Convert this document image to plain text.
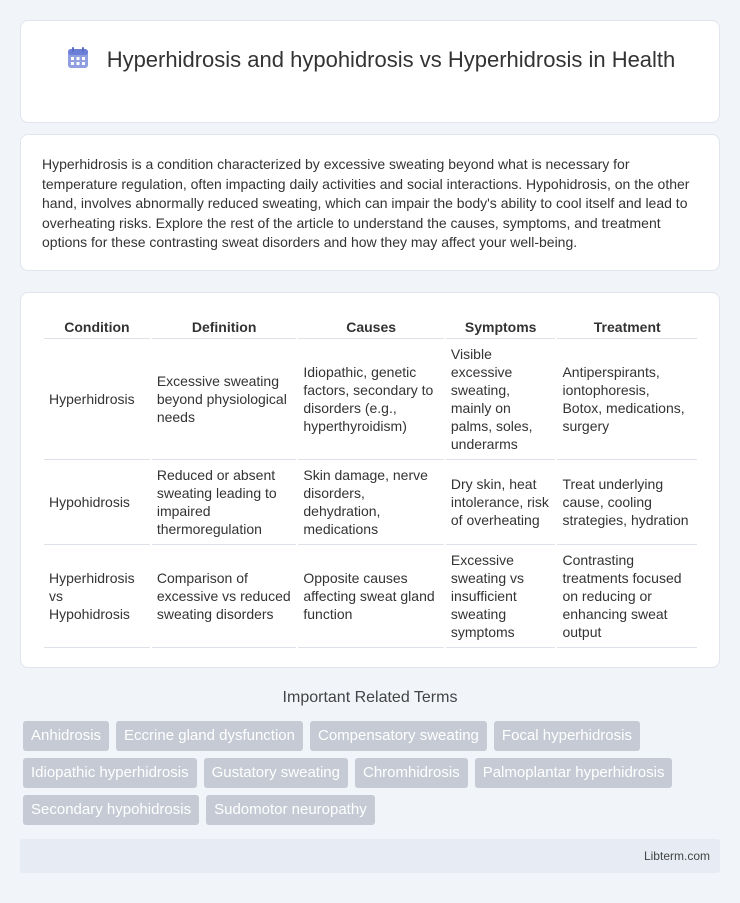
Hyperhidrosis and hypohidrosis vs Hyperhidrosis in Health

Hyperhidrosis is a condition characterized by excessive sweating beyond what is necessary for temperature regulation, often impacting daily activities and social interactions. Hypohidrosis, on the other hand, involves abnormally reduced sweating, which can impair the body's ability to cool itself and lead to overheating risks. Explore the rest of the article to understand the causes, symptoms, and treatment options for these contrasting sweat disorders and how they may affect your well-being.

Condition	Definition	Causes	Symptoms	Treatment
Hyperhidrosis	Excessive sweating beyond physiological needs	Idiopathic, genetic factors, secondary to disorders (e.g., hyperthyroidism)	Visible excessive sweating, mainly on palms, soles, underarms	Antiperspirants, iontophoresis, Botox, medications, surgery
Hypohidrosis	Reduced or absent sweating leading to impaired thermoregulation	Skin damage, nerve disorders, dehydration, medications	Dry skin, heat intolerance, risk of overheating	Treat underlying cause, cooling strategies, hydration
Hyperhidrosis vs Hypohidrosis	Comparison of excessive vs reduced sweating disorders	Opposite causes affecting sweat gland function	Excessive sweating vs insufficient sweating symptoms	Contrasting treatments focused on reducing or enhancing sweat output
Important Related Terms
Anhidrosis	Eccrine gland dysfunction	Compensatory sweating	Focal hyperhidrosis
Idiopathic hyperhidrosis	Gustatory sweating	Chromhidrosis	Palmoplantar hyperhidrosis
Secondary hypohidrosis	Sudomotor neuropathy
Libterm.com
